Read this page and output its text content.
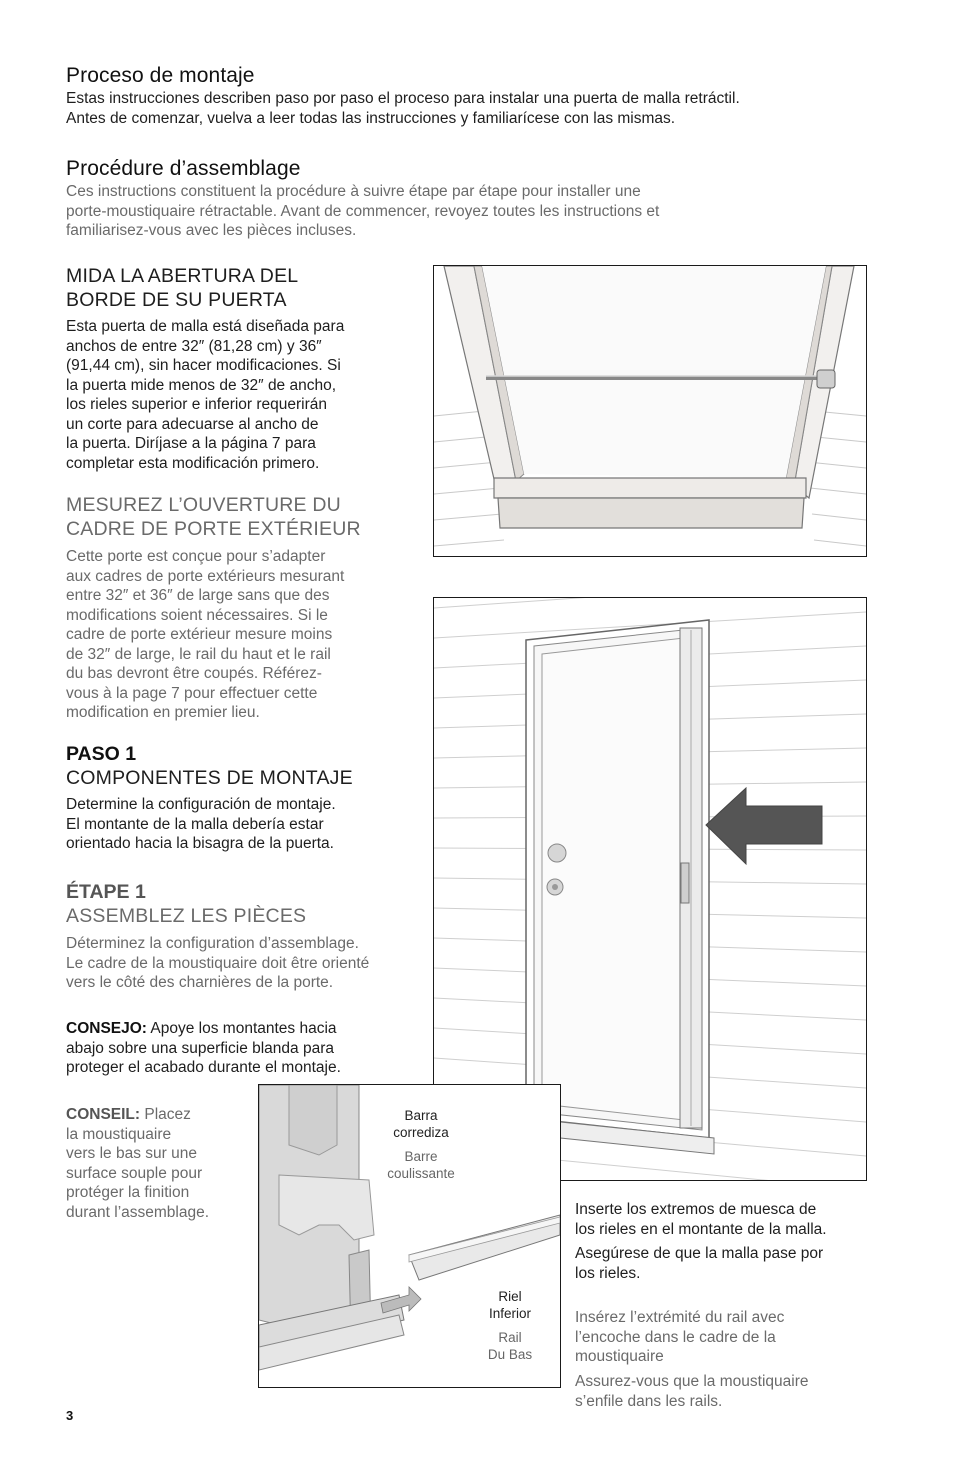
Proceso de montaje
Estas instrucciones describen paso por paso el proceso para instalar una puerta de malla retráctil.
Antes de comenzar, vuelva a leer todas las instrucciones y familiarícese con las mismas.
Procédure d’assemblage
Ces instructions constituent la procédure à suivre étape par étape pour installer une
porte-moustiquaire rétractable. Avant de commencer, revoyez toutes les instructions et
familiarisez-vous avec les pièces incluses.
MIDA LA ABERTURA DEL
BORDE DE SU PUERTA
Esta puerta de malla está diseñada para
anchos de entre 32″ (81,28 cm) y 36″
(91,44 cm), sin hacer modificaciones. Si
la puerta mide menos de 32″ de ancho,
los rieles superior e inferior requerirán
un corte para adecuarse al ancho de
la puerta. Diríjase a la página 7 para
completar esta modificación primero.
MESUREZ L’OUVERTURE DU
CADRE DE PORTE EXTÉRIEUR
Cette porte est conçue pour s’adapter
aux cadres de porte extérieurs mesurant
entre 32″ et 36″ de large sans que des
modifications soient nécessaires. Si le
cadre de porte extérieur mesure moins
de 32″ de large, le rail du haut et le rail
du bas devront être coupés. Référez-
vous à la page 7 pour effectuer cette
modification en premier lieu.
PASO 1
COMPONENTES DE MONTAJE
Determine la configuración de montaje.
El montante de la malla debería estar
orientado hacia la bisagra de la puerta.
ÉTAPE 1
ASSEMBLEZ LES PIÈCES
Déterminez la configuration d’assemblage.
Le cadre de la moustiquaire doit être orienté
vers le côté des charnières de la porte.
CONSEJO: Apoye los montantes hacia
abajo sobre una superficie blanda para
proteger el acabado durante el montaje.
CONSEIL: Placez
la moustiquaire
vers le bas sur une
surface souple pour
protéger la finition
durant l’assemblage.
Barra
corrediza
Barre
coulissante
Riel
Inferior
Rail
Du Bas
Inserte los extremos de muesca de
los rieles en el montante de la malla.
Asegúrese de que la malla pase por
los rieles.
Insérez l’extrémité du rail avec
l’encoche dans le cadre de la
moustiquaire
Assurez-vous que la moustiquaire
s’enfile dans les rails.
3
